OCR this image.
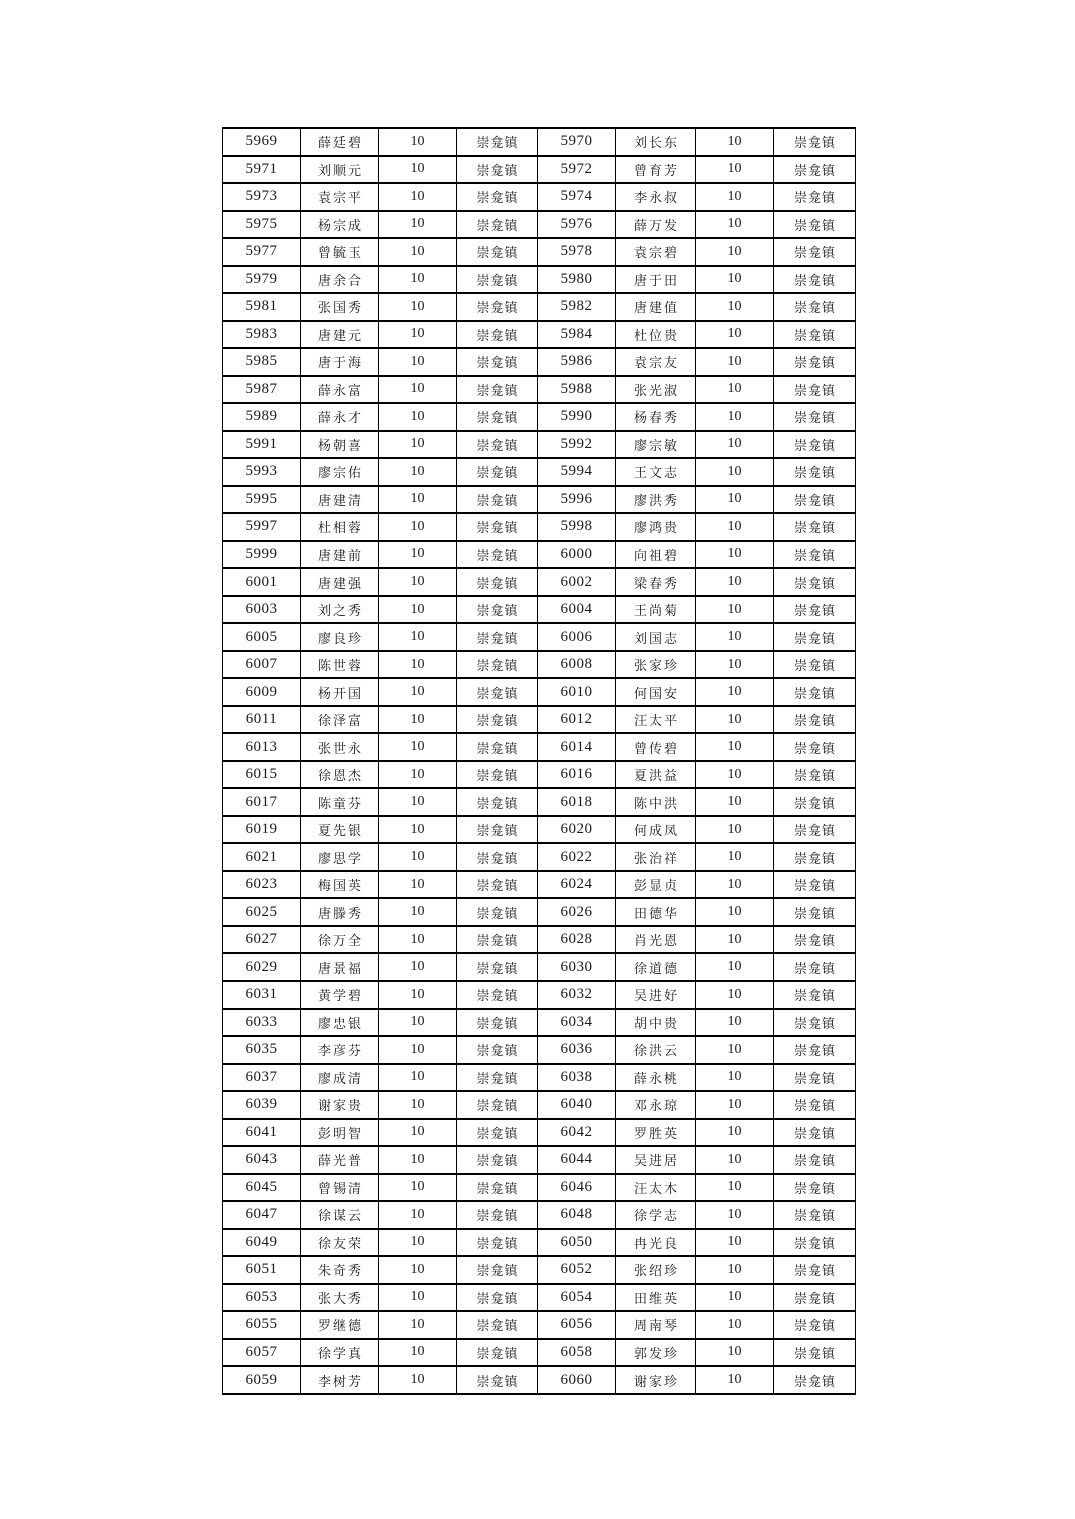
5969	薛廷碧	10	崇龛镇	5970	刘长东	10	崇龛镇
5971	刘顺元	10	崇龛镇	5972	曾育芳	10	崇龛镇
5973	袁宗平	10	崇龛镇	5974	李永叔	10	崇龛镇
5975	杨宗成	10	崇龛镇	5976	薛万发	10	崇龛镇
5977	曾毓玉	10	崇龛镇	5978	袁宗碧	10	崇龛镇
5979	唐余合	10	崇龛镇	5980	唐于田	10	崇龛镇
5981	张国秀	10	崇龛镇	5982	唐建值	10	崇龛镇
5983	唐建元	10	崇龛镇	5984	杜位贵	10	崇龛镇
5985	唐于海	10	崇龛镇	5986	袁宗友	10	崇龛镇
5987	薛永富	10	崇龛镇	5988	张光淑	10	崇龛镇
5989	薛永才	10	崇龛镇	5990	杨春秀	10	崇龛镇
5991	杨朝喜	10	崇龛镇	5992	廖宗敏	10	崇龛镇
5993	廖宗佑	10	崇龛镇	5994	王文志	10	崇龛镇
5995	唐建清	10	崇龛镇	5996	廖洪秀	10	崇龛镇
5997	杜相蓉	10	崇龛镇	5998	廖鸿贵	10	崇龛镇
5999	唐建前	10	崇龛镇	6000	向祖碧	10	崇龛镇
6001	唐建强	10	崇龛镇	6002	梁春秀	10	崇龛镇
6003	刘之秀	10	崇龛镇	6004	王尚菊	10	崇龛镇
6005	廖良珍	10	崇龛镇	6006	刘国志	10	崇龛镇
6007	陈世蓉	10	崇龛镇	6008	张家珍	10	崇龛镇
6009	杨开国	10	崇龛镇	6010	何国安	10	崇龛镇
6011	徐泽富	10	崇龛镇	6012	汪太平	10	崇龛镇
6013	张世永	10	崇龛镇	6014	曾传碧	10	崇龛镇
6015	徐恩杰	10	崇龛镇	6016	夏洪益	10	崇龛镇
6017	陈童芬	10	崇龛镇	6018	陈中洪	10	崇龛镇
6019	夏先银	10	崇龛镇	6020	何成凤	10	崇龛镇
6021	廖思学	10	崇龛镇	6022	张治祥	10	崇龛镇
6023	梅国英	10	崇龛镇	6024	彭显贞	10	崇龛镇
6025	唐滕秀	10	崇龛镇	6026	田德华	10	崇龛镇
6027	徐万全	10	崇龛镇	6028	肖光恩	10	崇龛镇
6029	唐景福	10	崇龛镇	6030	徐道德	10	崇龛镇
6031	黄学碧	10	崇龛镇	6032	吴进好	10	崇龛镇
6033	廖忠银	10	崇龛镇	6034	胡中贵	10	崇龛镇
6035	李彦芬	10	崇龛镇	6036	徐洪云	10	崇龛镇
6037	廖成清	10	崇龛镇	6038	薛永桃	10	崇龛镇
6039	谢家贵	10	崇龛镇	6040	邓永琼	10	崇龛镇
6041	彭明智	10	崇龛镇	6042	罗胜英	10	崇龛镇
6043	薛光普	10	崇龛镇	6044	吴进居	10	崇龛镇
6045	曾锡清	10	崇龛镇	6046	汪太木	10	崇龛镇
6047	徐谋云	10	崇龛镇	6048	徐学志	10	崇龛镇
6049	徐友荣	10	崇龛镇	6050	冉光良	10	崇龛镇
6051	朱奇秀	10	崇龛镇	6052	张绍珍	10	崇龛镇
6053	张大秀	10	崇龛镇	6054	田维英	10	崇龛镇
6055	罗继德	10	崇龛镇	6056	周南琴	10	崇龛镇
6057	徐学真	10	崇龛镇	6058	郭发珍	10	崇龛镇
6059	李树芳	10	崇龛镇	6060	谢家珍	10	崇龛镇
